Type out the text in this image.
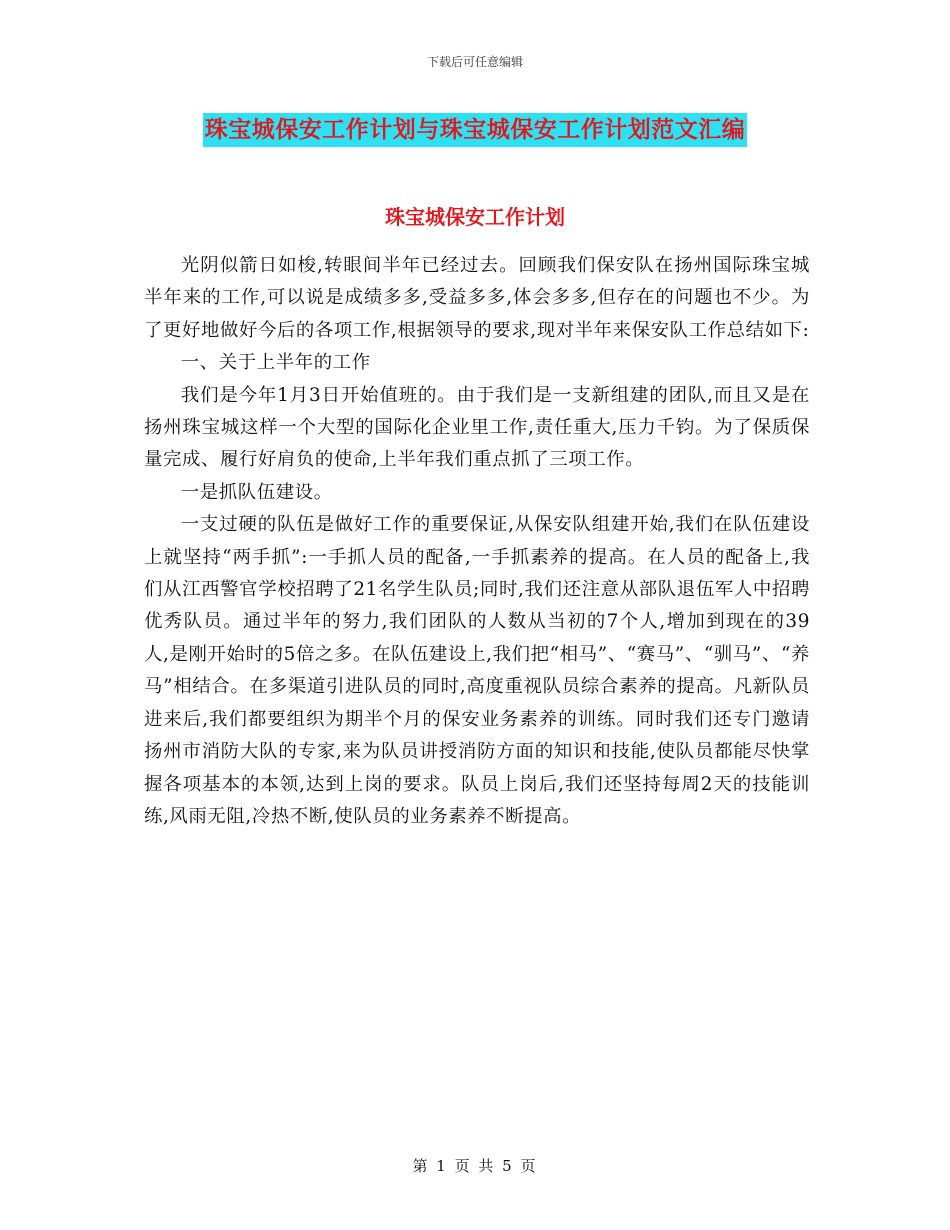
下载后可任意编辑
珠宝城保安工作计划与珠宝城保安工作计划范文汇编
珠宝城保安工作计划

光阴似箭日如梭,转眼间半年已经过去。回顾我们保安队在扬州国际珠宝城半年来的工作,可以说是成绩多多,受益多多,体会多多,但存在的问题也不少。为了更好地做好今后的各项工作,根据领导的要求,现对半年来保安队工作总结如下:

一、关于上半年的工作

我们是今年1月3日开始值班的。由于我们是一支新组建的团队,而且又是在扬州珠宝城这样一个大型的国际化企业里工作,责任重大,压力千钧。为了保质保量完成、履行好肩负的使命,上半年我们重点抓了三项工作。

一是抓队伍建设。

一支过硬的队伍是做好工作的重要保证,从保安队组建开始,我们在队伍建设上就坚持“两手抓”:一手抓人员的配备,一手抓素养的提高。在人员的配备上,我们从江西警官学校招聘了21名学生队员;同时,我们还注意从部队退伍军人中招聘优秀队员。通过半年的努力,我们团队的人数从当初的7个人,增加到现在的39 人,是刚开始时的5倍之多。在队伍建设上,我们把“相马”、“赛马”、“驯马”、“养马”相结合。在多渠道引进队员的同时,高度重视队员综合素养的提高。凡新队员进来后,我们都要组织为期半个月的保安业务素养的训练。同时我们还专门邀请扬州市消防大队的专家,来为队员讲授消防方面的知识和技能,使队员都能尽快掌握各项基本的本领,达到上岗的要求。队员上岗后,我们还坚持每周2天的技能训练,风雨无阻,冷热不断,使队员的业务素养不断提高。

第 1 页 共 5 页
